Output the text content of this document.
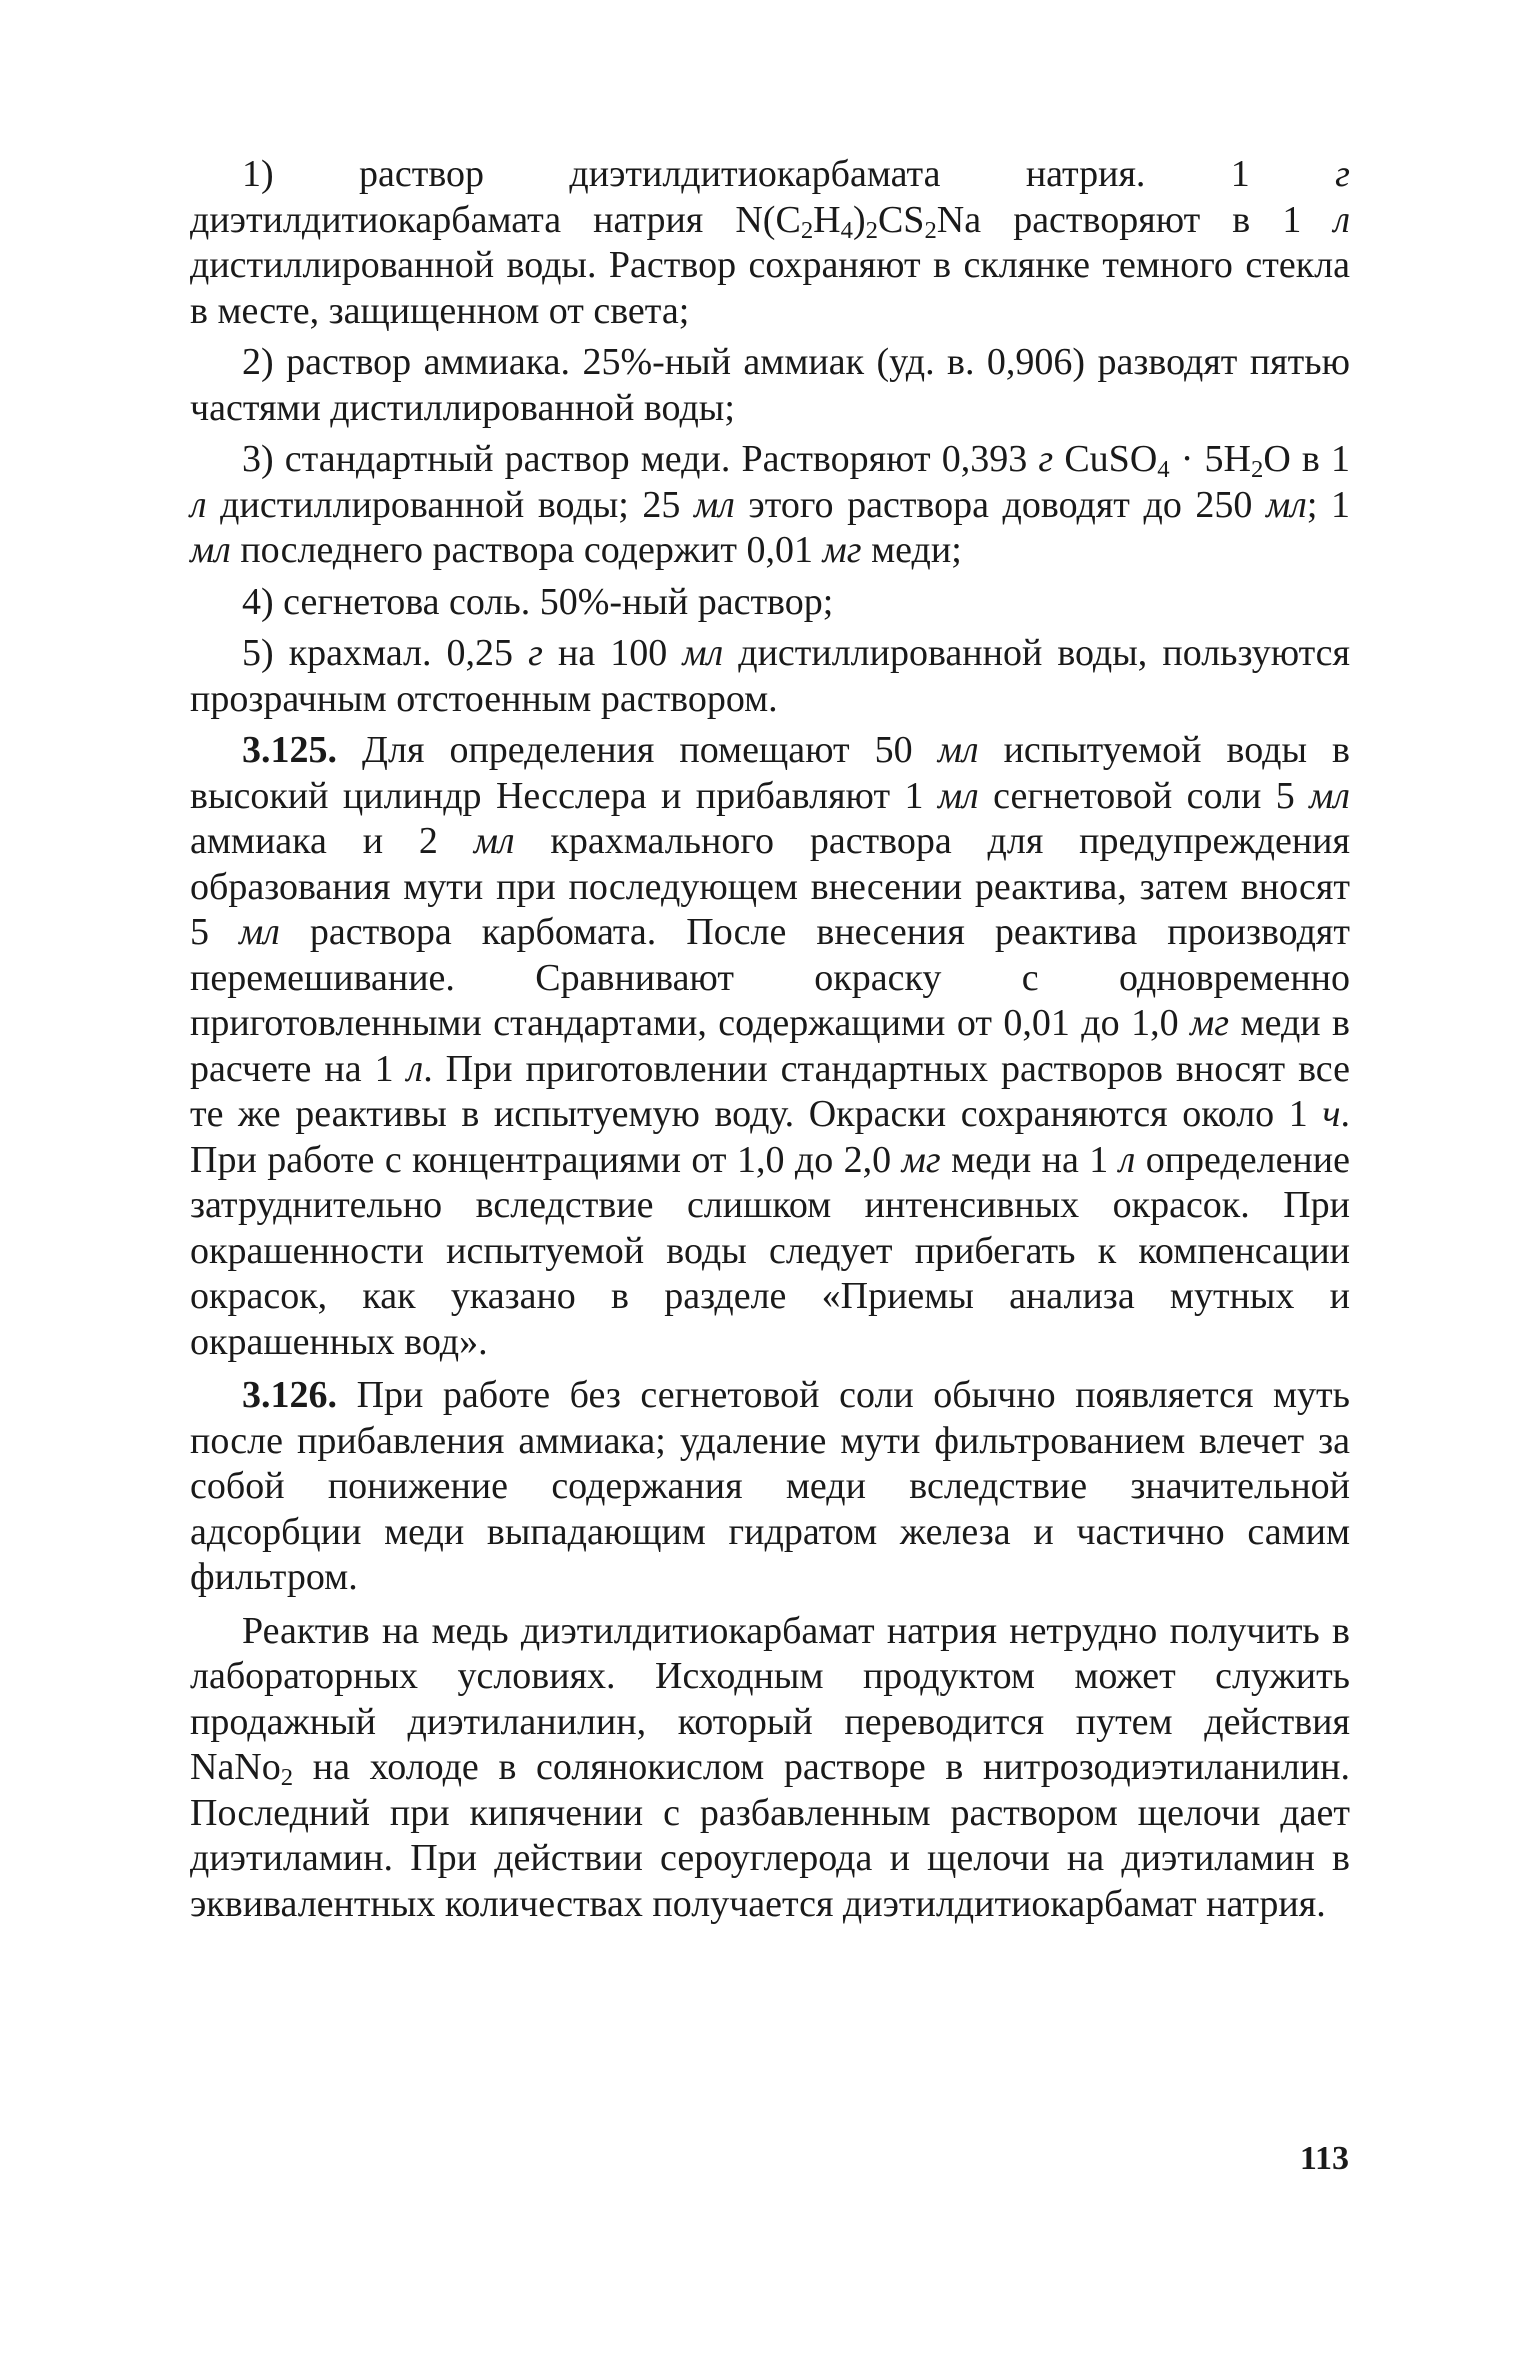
1) раствор диэтилдитиокарбамата натрия. 1 г диэтилдитиокарбамата натрия $N(C_2H_4)_2CS_2Na$ растворяют в 1 л дистиллированной воды. Раствор сохраняют в склянке темного стекла в месте, защищенном от света;

2) раствор аммиака. 25%-ный аммиак (уд. в. 0,906) разводят пятью частями дистиллированной воды;

3) стандартный раствор меди. Растворяют 0,393 г CuSO$_4$ · $5H_2O$ в 1 л дистиллированной воды; 25 мл этого раствора доводят до 250 мл; 1 мл последнего раствора содержит 0,01 мг меди;

4) сегнетова соль. 50%-ный раствор;

5) крахмал. 0,25 г на 100 мл дистиллированной воды, пользуются прозрачным отстоенным раствором.

3.125. Для определения помещают 50 мл испытуемой воды в высокий цилиндр Несслера и прибавляют 1 мл сегнетовой соли 5 мл аммиака и 2 мл крахмального раствора для предупреждения образования мути при последующем внесении реактива, затем вносят 5 мл раствора карбомата. После внесения реактива производят перемешивание. Сравнивают окраску с одновременно приготовленными стандартами, содержащими от 0,01 до 1,0 мг меди в расчете на 1 л. При приготовлении стандартных растворов вносят все те же реактивы в испытуемую воду. Окраски сохраняются около 1 ч. При работе с концентрациями от 1,0 до 2,0 мг меди на 1 л определение затруднительно вследствие слишком интенсивных окрасок. При окрашенности испытуемой воды следует прибегать к компенсации окрасок, как указано в разделе «Приемы анализа мутных и окрашенных вод».

3.126. При работе без сегнетовой соли обычно появляется муть после прибавления аммиака; удаление мути фильтрованием влечет за собой понижение содержания меди вследствие значительной адсорбции меди выпадающим гидратом железа и частично самим фильтром.

Реактив на медь диэтилдитиокарбамат натрия нетрудно получить в лабораторных условиях. Исходным продуктом может служить продажный диэтиланилин, который переводится путем действия NaNo$_2$ на холоде в солянокислом растворе в нитрозодиэтиланилин. Последний при кипячении с разбавленным раствором щелочи дает диэтиламин. При действии сероуглерода и щелочи на диэтиламин в эквивалентных количествах получается диэтилдитиокарбамат натрия.

113
